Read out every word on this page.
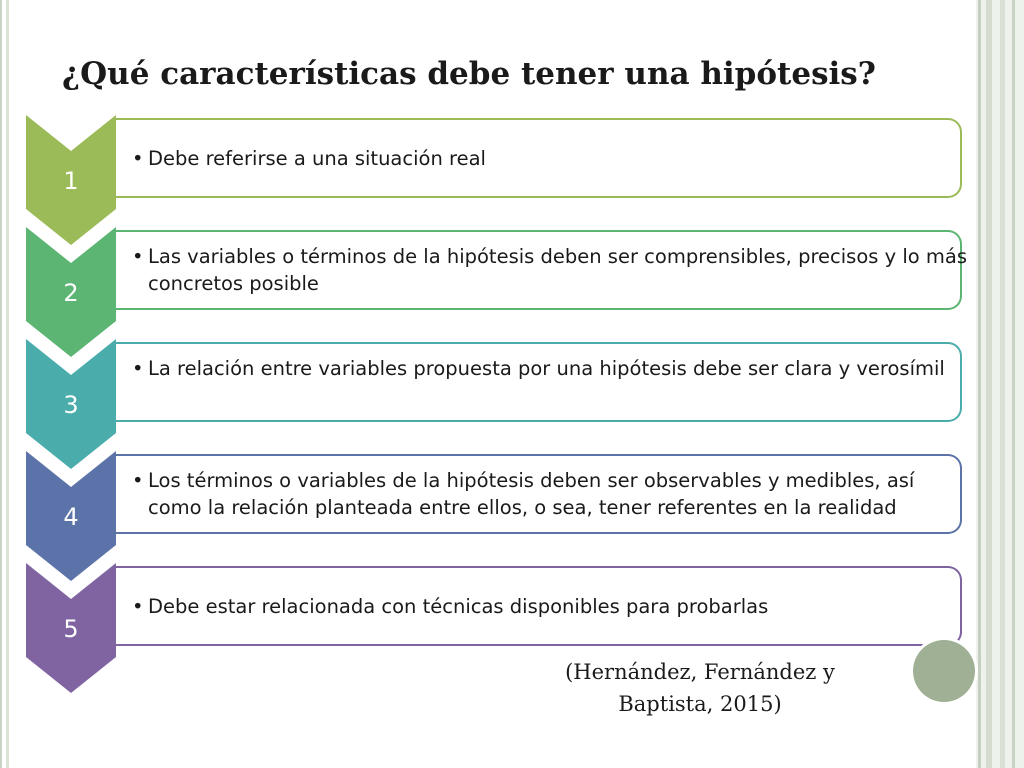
¿Qué características debe tener una hipótesis?
1
• Debe referirse a una situación real
2
• Las variables o términos de la hipótesis deben ser comprensibles, precisos y lo más concretos posible
3
• La relación entre variables propuesta por una hipótesis debe ser clara y verosímil
4
• Los términos o variables de la hipótesis deben ser observables y medibles, así como la relación planteada entre ellos, o sea, tener referentes en la realidad
5
• Debe estar relacionada con técnicas disponibles para probarlas
(Hernández, Fernández y
Baptista, 2015)
